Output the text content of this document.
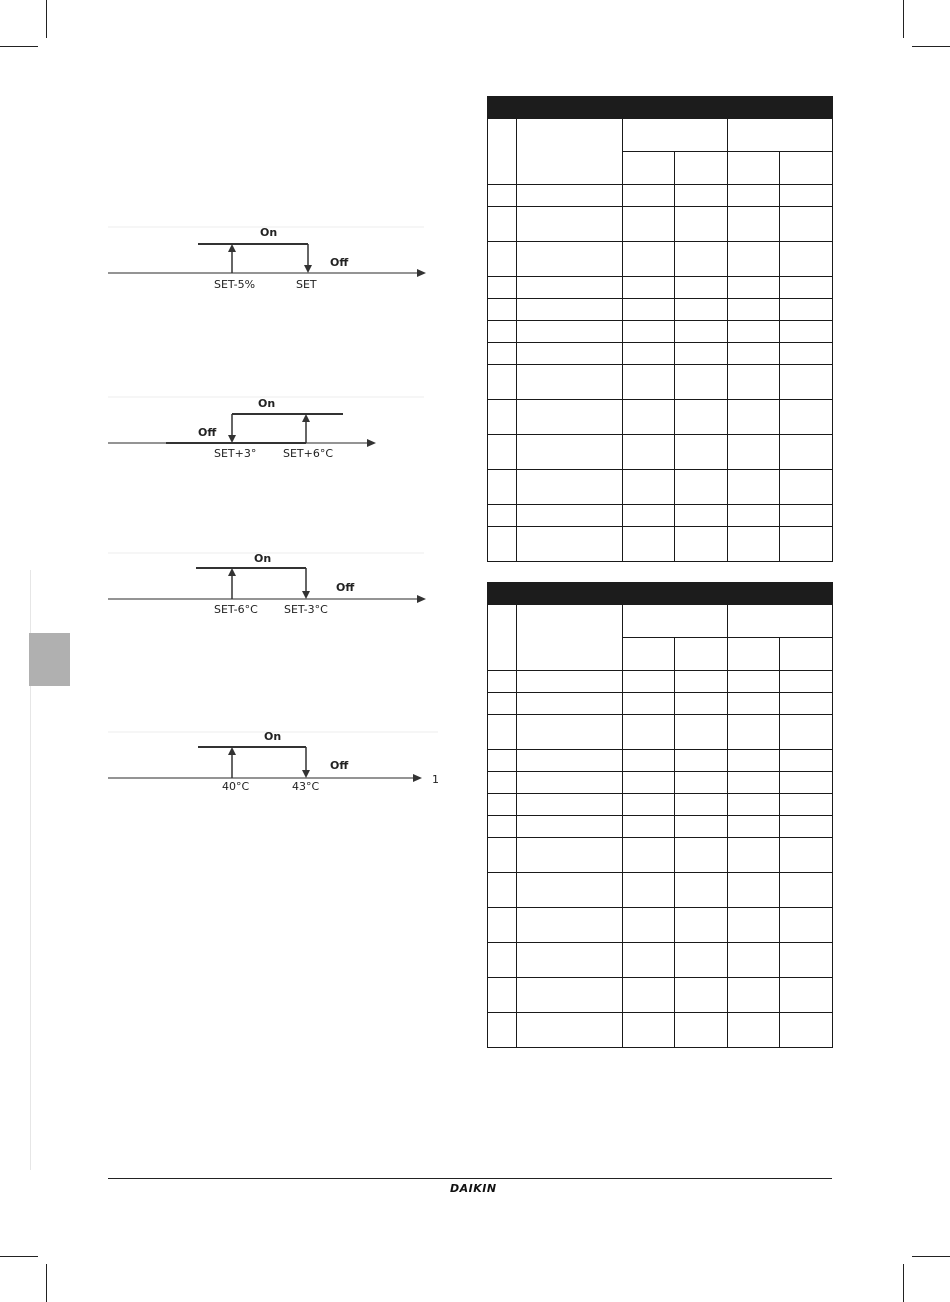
On
Off
SET-5%	SET
On
Off
SET+3° SET+6°C
On
Off
SET-6°C SET-3°C
On
Off
40°C	43°C
1

DAIKIN
